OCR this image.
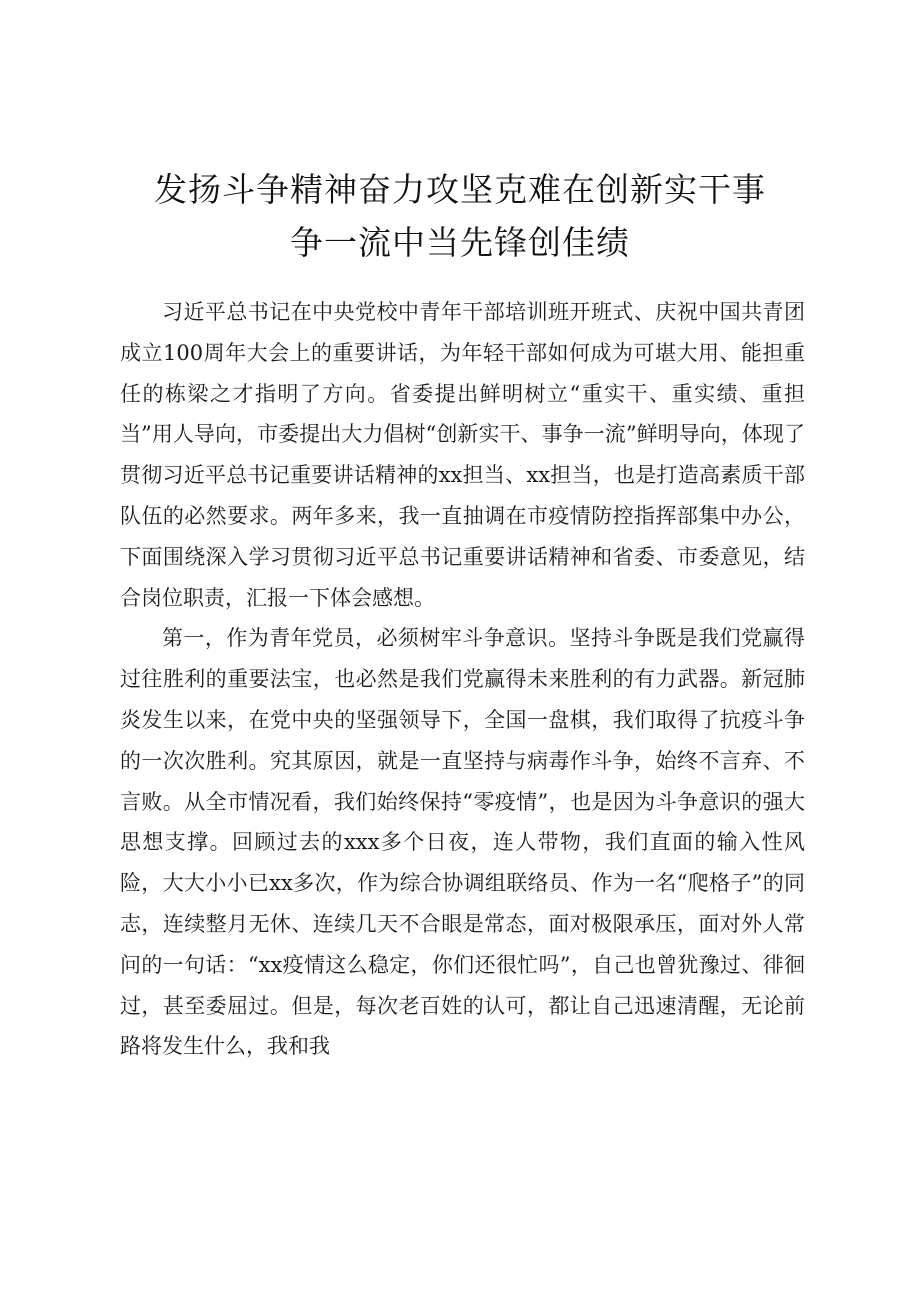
发扬斗争精神奋力攻坚克难在创新实干事
争一流中当先锋创佳绩

习近平总书记在中央党校中青年干部培训班开班式、庆祝中国共青团成立100周年大会上的重要讲话，为年轻干部如何成为可堪大用、能担重任的栋梁之才指明了方向。省委提出鲜明树立“重实干、重实绩、重担当”用人导向，市委提出大力倡树“创新实干、事争一流”鲜明导向，体现了贯彻习近平总书记重要讲话精神的xx担当、xx担当，也是打造高素质干部队伍的必然要求。两年多来，我一直抽调在市疫情防控指挥部集中办公，下面围绕深入学习贯彻习近平总书记重要讲话精神和省委、市委意见，结合岗位职责，汇报一下体会感想。

第一，作为青年党员，必须树牢斗争意识。坚持斗争既是我们党赢得过往胜利的重要法宝，也必然是我们党赢得未来胜利的有力武器。新冠肺炎发生以来，在党中央的坚强领导下，全国一盘棋，我们取得了抗疫斗争的一次次胜利。究其原因，就是一直坚持与病毒作斗争，始终不言弃、不言败。从全市情况看，我们始终保持“零疫情”，也是因为斗争意识的强大思想支撑。回顾过去的xxx多个日夜，连人带物，我们直面的输入性风险，大大小小已xx多次，作为综合协调组联络员、作为一名“爬格子”的同志，连续整月无休、连续几天不合眼是常态，面对极限承压，面对外人常问的一句话：“xx疫情这么稳定，你们还很忙吗”，自己也曾犹豫过、徘徊过，甚至委屈过。但是，每次老百姓的认可，都让自己迅速清醒，无论前路将发生什么，我和我
